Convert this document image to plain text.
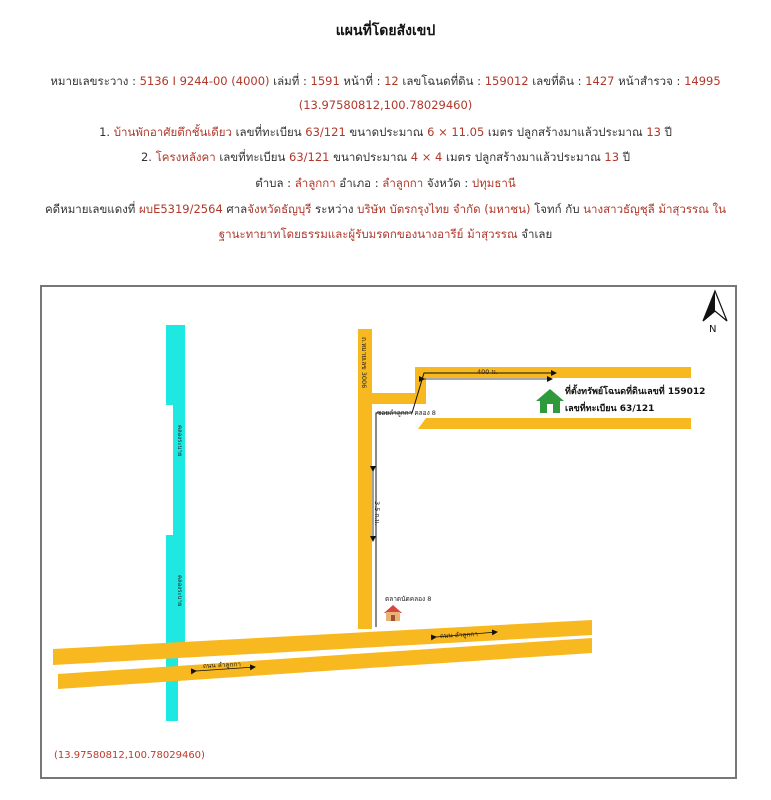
แผนที่โดยสังเขป
หมายเลขระวาง : 5136 I 9244-00 (4000) เล่มที่ : 1591 หน้าที่ : 12 เลขโฉนดที่ดิน : 159012 เลขที่ดิน : 1427 หน้าสำรวจ : 14995
(13.97580812,100.78029460)
1. บ้านพักอาศัยตึกชั้นเดียว เลขที่ทะเบียน 63/121 ขนาดประมาณ 6 × 11.05 เมตร ปลูกสร้างมาแล้วประมาณ 13 ปี
2. โครงหลังคา เลขที่ทะเบียน 63/121 ขนาดประมาณ 4 × 4 เมตร ปลูกสร้างมาแล้วประมาณ 13 ปี
ตำบล : ลำลูกกา อำเภอ : ลำลูกกา จังหวัด : ปทุมธานี
คดีหมายเลขแดงที่ ผบE5319/2564 ศาลจังหวัดธัญบุรี ระหว่าง บริษัท บัตรกรุงไทย จำกัด (มหาชน) โจทก์ กับ นางสาวธัญชุลี ม้าสุวรรณ ใน
ฐานะทายาทโดยธรรมและผู้รับมรดกของนางอารีย์ ม้าสุวรรณ จำเลย
คลองระบาย
คลองระบาย
ถนน ลำลูกกา
ถนน ลำลูกกา
ถ.หมายเลข 3006
ซอยลำลูกกา คลอง 8
400 ม.
3.5 ก.ม.
ที่ตั้งทรัพย์โฉนดที่ดินเลขที่ 159012
เลขที่ทะเบียน 63/121
ตลาดนัดคลอง 8
N
(13.97580812,100.78029460)
